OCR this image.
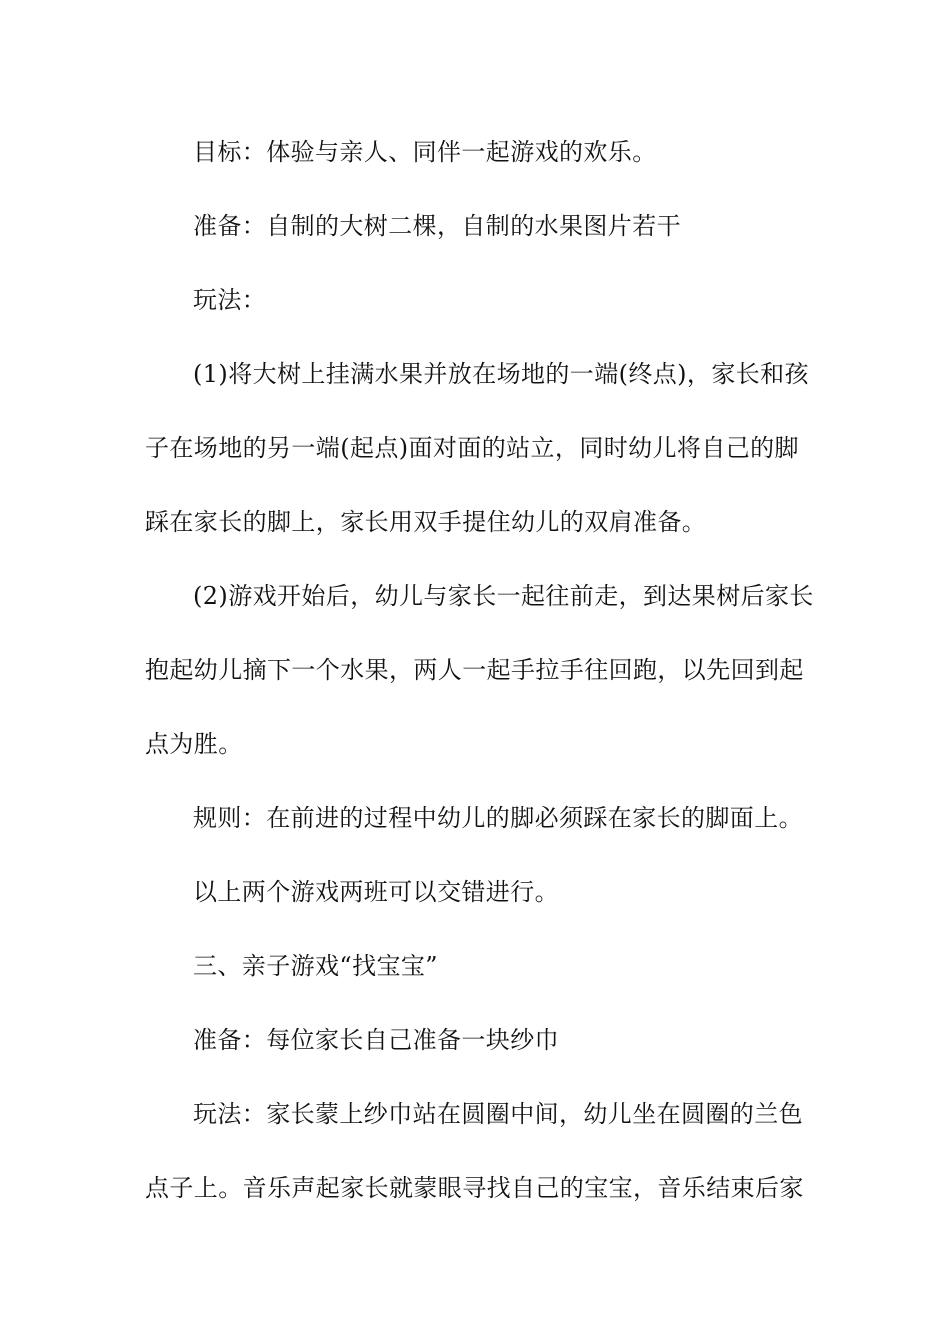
目标：体验与亲人、同伴一起游戏的欢乐。
准备：自制的大树二棵，自制的水果图片若干
玩法：
(1)将大树上挂满水果并放在场地的一端(终点)，家长和孩
子在场地的另一端(起点)面对面的站立，同时幼儿将自己的脚
踩在家长的脚上，家长用双手提住幼儿的双肩准备。
(2)游戏开始后，幼儿与家长一起往前走，到达果树后家长
抱起幼儿摘下一个水果，两人一起手拉手往回跑，以先回到起
点为胜。
规则：在前进的过程中幼儿的脚必须踩在家长的脚面上。
以上两个游戏两班可以交错进行。
三、亲子游戏“找宝宝”
准备：每位家长自己准备一块纱巾
玩法：家长蒙上纱巾站在圆圈中间，幼儿坐在圆圈的兰色
点子上。音乐声起家长就蒙眼寻找自己的宝宝，音乐结束后家
